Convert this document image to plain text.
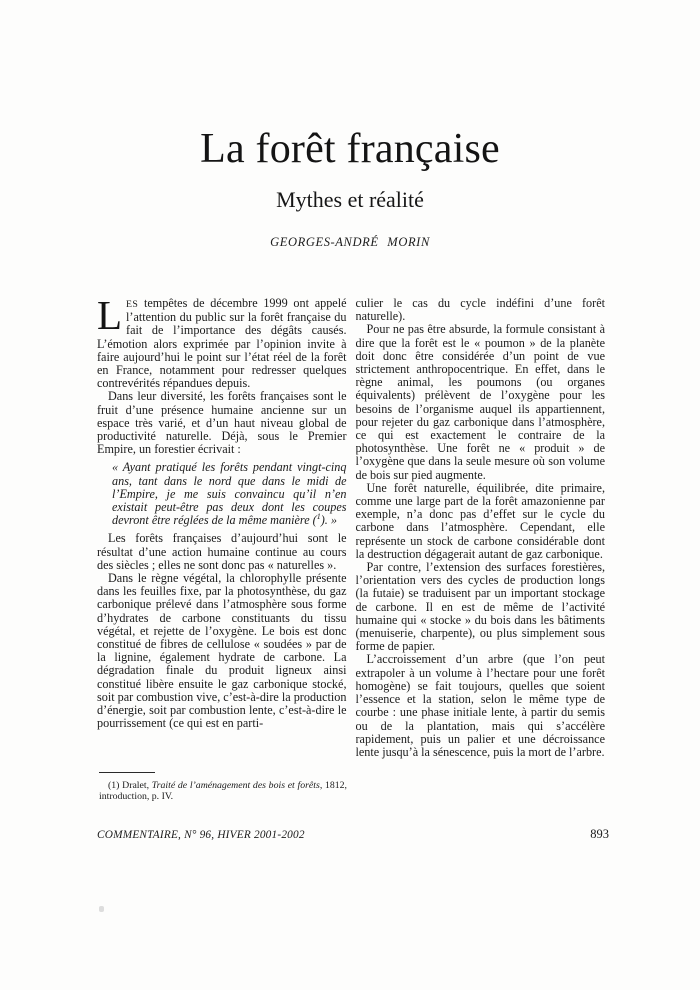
La forêt française
Mythes et réalité
GEORGES-ANDRÉ MORIN

LES tempêtes de décembre 1999 ont appelé l’attention du public sur la forêt française du fait de l’importance des dégâts causés. L’émotion alors exprimée par l’opinion invite à faire aujourd’hui le point sur l’état réel de la forêt en France, notamment pour redresser quelques contrevérités répandues depuis.

Dans leur diversité, les forêts françaises sont le fruit d’une présence humaine ancienne sur un espace très varié, et d’un haut niveau global de productivité naturelle. Déjà, sous le Premier Empire, un forestier écrivait :

« Ayant pratiqué les forêts pendant vingt-cinq ans, tant dans le nord que dans le midi de l’Empire, je me suis convaincu qu’il n’en existait peut-être pas deux dont les coupes devront être réglées de la même manière ($^1$). »

Les forêts françaises d’aujourd’hui sont le résultat d’une action humaine continue au cours des siècles ; elles ne sont donc pas « naturelles ».

Dans le règne végétal, la chlorophylle présente dans les feuilles fixe, par la photosynthèse, du gaz carbonique prélevé dans l’atmosphère sous forme d’hydrates de carbone constituants du tissu végétal, et rejette de l’oxygène. Le bois est donc constitué de fibres de cellulose « soudées » par de la lignine, également hydrate de carbone. La dégradation finale du produit ligneux ainsi constitué libère ensuite le gaz carbonique stocké, soit par combustion vive, c’est-à-dire la production d’énergie, soit par combustion lente, c’est-à-dire le pourrissement (ce qui est en parti-

culier le cas du cycle indéfini d’une forêt naturelle).

Pour ne pas être absurde, la formule consistant à dire que la forêt est le « poumon » de la planète doit donc être considérée d’un point de vue strictement anthropocentrique. En effet, dans le règne animal, les poumons (ou organes équivalents) prélèvent de l’oxygène pour les besoins de l’organisme auquel ils appartiennent, pour rejeter du gaz carbonique dans l’atmosphère, ce qui est exactement le contraire de la photosynthèse. Une forêt ne « produit » de l’oxygène que dans la seule mesure où son volume de bois sur pied augmente.

Une forêt naturelle, équilibrée, dite primaire, comme une large part de la forêt amazonienne par exemple, n’a donc pas d’effet sur le cycle du carbone dans l’atmosphère. Cependant, elle représente un stock de carbone considérable dont la destruction dégagerait autant de gaz carbonique.

Par contre, l’extension des surfaces forestières, l’orientation vers des cycles de production longs (la futaie) se traduisent par un important stockage de carbone. Il en est de même de l’activité humaine qui « stocke » du bois dans les bâtiments (menuiserie, charpente), ou plus simplement sous forme de papier.

L’accroissement d’un arbre (que l’on peut extrapoler à un volume à l’hectare pour une forêt homogène) se fait toujours, quelles que soient l’essence et la station, selon le même type de courbe : une phase initiale lente, à partir du semis ou de la plantation, mais qui s’accélère rapidement, puis un palier et une décroissance lente jusqu’à la sénescence, puis la mort de l’arbre.

(1) Dralet, Traité de l’aménagement des bois et forêts, 1812, introduction, p. IV.

COMMENTAIRE, N° 96, HIVER 2001-2002	893
